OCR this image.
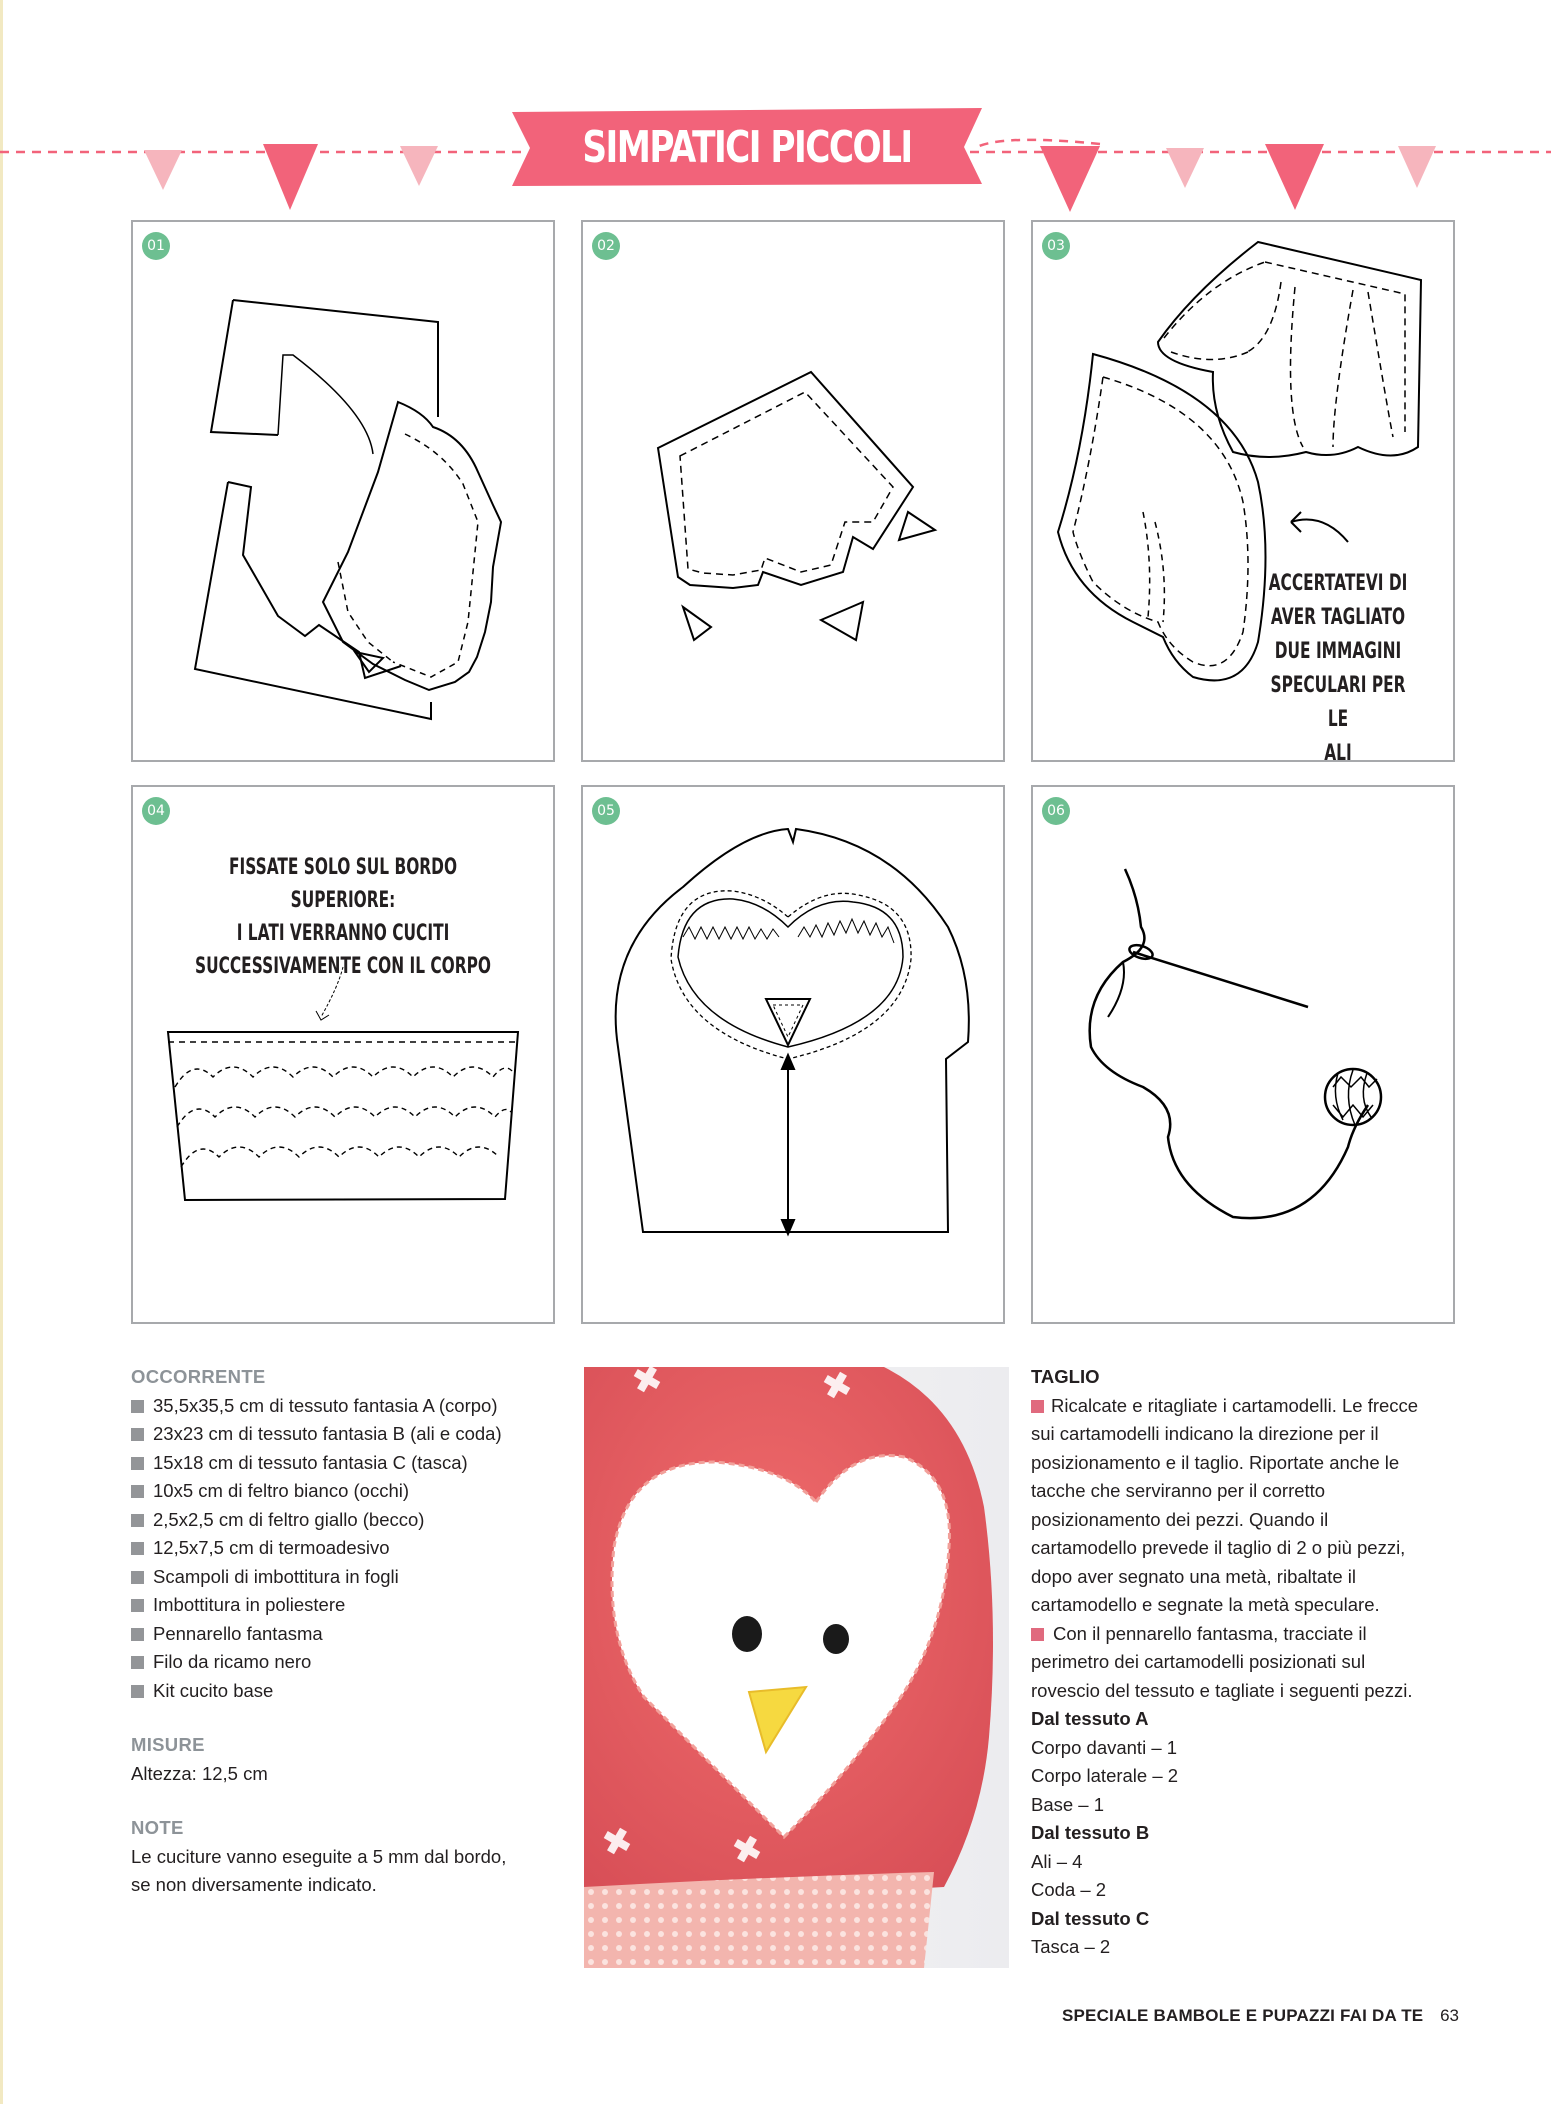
SIMPATICI PICCOLI
01	02	03
ACCERTATEVI DI
AVER TAGLIATO
DUE IMMAGINI
SPECULARI PER LE
ALI
04
FISSATE SOLO SUL BORDO SUPERIORE:
I LATI VERRANNO CUCITI
SUCCESSIVAMENTE CON IL CORPO
05	06
OCCORRENTE
35,5x35,5 cm di tessuto fantasia A (corpo)
23x23 cm di tessuto fantasia B (ali e coda)
15x18 cm di tessuto fantasia C (tasca)
10x5 cm di feltro bianco (occhi)
2,5x2,5 cm di feltro giallo (becco)
12,5x7,5 cm di termoadesivo
Scampoli di imbottitura in fogli
Imbottitura in poliestere
Pennarello fantasma
Filo da ricamo nero
Kit cucito base
MISURE
Altezza: 12,5 cm
NOTE
Le cuciture vanno eseguite a 5 mm dal bordo,
se non diversamente indicato.
TAGLIO
Ricalcate e ritagliate i cartamodelli. Le frecce
sui cartamodelli indicano la direzione per il
posizionamento e il taglio. Riportate anche le
tacche che serviranno per il corretto
posizionamento dei pezzi. Quando il
cartamodello prevede il taglio di 2 o più pezzi,
dopo aver segnato una metà, ribaltate il
cartamodello e segnate la metà speculare.
Con il pennarello fantasma, tracciate il
perimetro dei cartamodelli posizionati sul
rovescio del tessuto e tagliate i seguenti pezzi.
Dal tessuto A
Corpo davanti – 1
Corpo laterale – 2
Base – 1
Dal tessuto B
Ali – 4
Coda – 2
Dal tessuto C
Tasca – 2
SPECIALE BAMBOLE E PUPAZZI FAI DA TE 63
